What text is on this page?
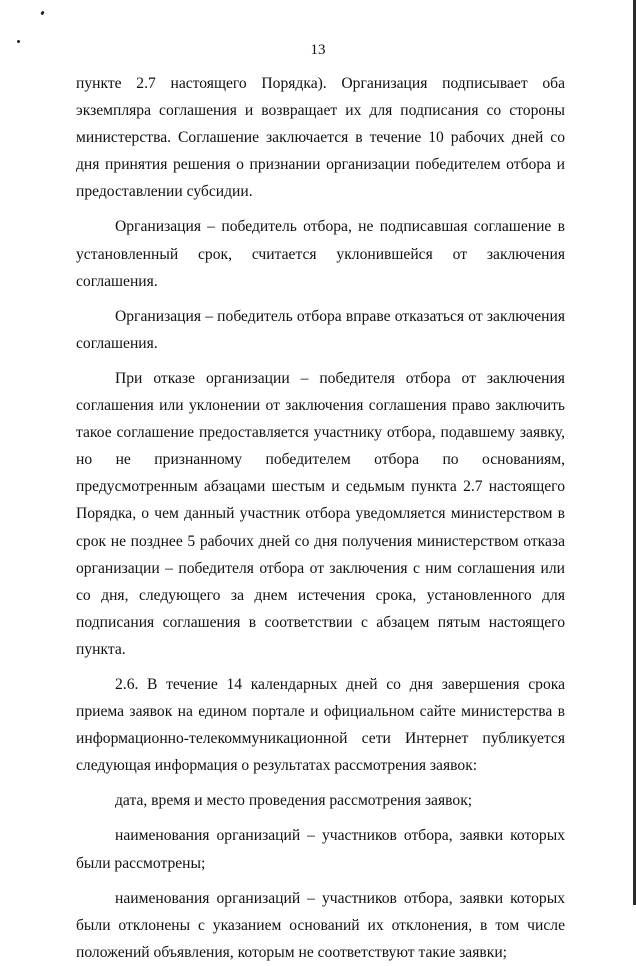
13

пункте 2.7 настоящего Порядка). Организация подписывает оба экземпляра соглашения и возвращает их для подписания со стороны министерства. Соглашение заключается в течение 10 рабочих дней со дня принятия решения о признании организации победителем отбора и предоставлении субсидии.

Организация – победитель отбора, не подписавшая соглашение в установленный срок, считается уклонившейся от заключения соглашения.

Организация – победитель отбора вправе отказаться от заключения соглашения.

При отказе организации – победителя отбора от заключения соглашения или уклонении от заключения соглашения право заключить такое соглашение предоставляется участнику отбора, подавшему заявку, но не признанному победителем отбора по основаниям, предусмотренным абзацами шестым и седьмым пункта 2.7 настоящего Порядка, о чем данный участник отбора уведомляется министерством в срок не позднее 5 рабочих дней со дня получения министерством отказа организации – победителя отбора от заключения с ним соглашения или со дня, следующего за днем истечения срока, установленного для подписания соглашения в соответствии с абзацем пятым настоящего пункта.

2.6. В течение 14 календарных дней со дня завершения срока приема заявок на едином портале и официальном сайте министерства в информационно-телекоммуникационной сети Интернет публикуется следующая информация о результатах рассмотрения заявок:

дата, время и место проведения рассмотрения заявок;

наименования организаций – участников отбора, заявки которых были рассмотрены;

наименования организаций – участников отбора, заявки которых были отклонены с указанием оснований их отклонения, в том числе положений объявления, которым не соответствуют такие заявки;
